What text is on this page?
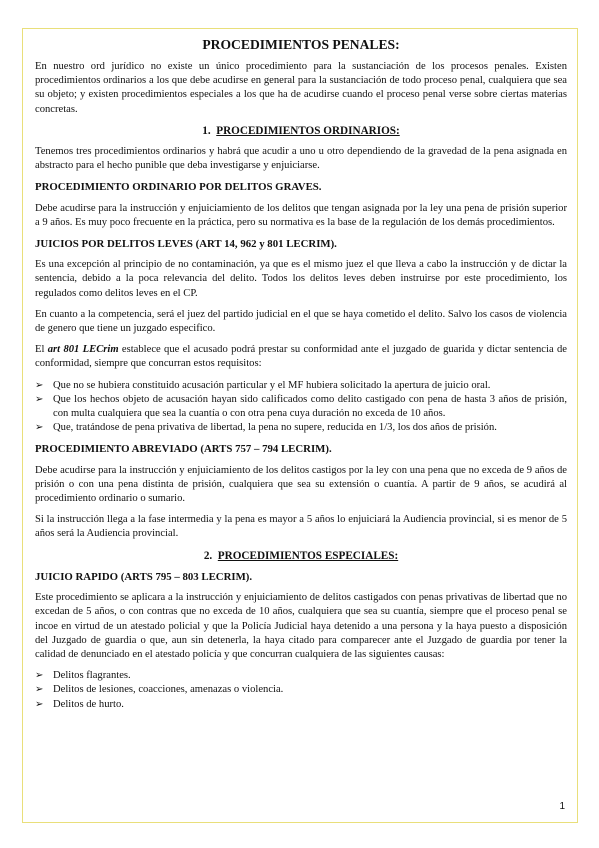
PROCEDIMIENTOS PENALES:

En nuestro ord jurídico no existe un único procedimiento para la sustanciación de los procesos penales. Existen procedimientos ordinarios a los que debe acudirse en general para la sustanciación de todo proceso penal, cualquiera que sea su objeto; y existen procedimientos especiales a los que ha de acudirse cuando el proceso penal verse sobre ciertas materias concretas.

1. PROCEDIMIENTOS ORDINARIOS:

Tenemos tres procedimientos ordinarios y habrá que acudir a uno u otro dependiendo de la gravedad de la pena asignada en abstracto para el hecho punible que deba investigarse y enjuiciarse.

PROCEDIMIENTO ORDINARIO POR DELITOS GRAVES.

Debe acudirse para la instrucción y enjuiciamiento de los delitos que tengan asignada por la ley una pena de prisión superior a 9 años. Es muy poco frecuente en la práctica, pero su normativa es la base de la regulación de los demás procedimientos.

JUICIOS POR DELITOS LEVES (ART 14, 962 y 801 LECRIM).

Es una excepción al principio de no contaminación, ya que es el mismo juez el que lleva a cabo la instrucción y de dictar la sentencia, debido a la poca relevancia del delito. Todos los delitos leves deben instruirse por este procedimiento, los regulados como delitos leves en el CP.

En cuanto a la competencia, será el juez del partido judicial en el que se haya cometido el delito. Salvo los casos de violencia de genero que tiene un juzgado especifico.

El art 801 LECrim establece que el acusado podrá prestar su conformidad ante el juzgado de guarida y dictar sentencia de conformidad, siempre que concurran estos requisitos:

➢ Que no se hubiera constituido acusación particular y el MF hubiera solicitado la apertura de juicio oral.
➢ Que los hechos objeto de acusación hayan sido calificados como delito castigado con pena de hasta 3 años de prisión, con multa cualquiera que sea la cuantía o con otra pena cuya duración no exceda de 10 años.
➢ Que, tratándose de pena privativa de libertad, la pena no supere, reducida en 1/3, los dos años de prisión.
PROCEDIMIENTO ABREVIADO (ARTS 757 – 794 LECRIM).

Debe acudirse para la instrucción y enjuiciamiento de los delitos castigos por la ley con una pena que no exceda de 9 años de prisión o con una pena distinta de prisión, cualquiera que sea su extensión o cuantía. A partir de 9 años, se acudirá al procedimiento ordinario o sumario.

Si la instrucción llega a la fase intermedia y la pena es mayor a 5 años lo enjuiciará la Audiencia provincial, si es menor de 5 años será la Audiencia provincial.

2. PROCEDIMIENTOS ESPECIALES:
JUICIO RAPIDO (ARTS 795 – 803 LECRIM).

Este procedimiento se aplicara a la instrucción y enjuiciamiento de delitos castigados con penas privativas de libertad que no excedan de 5 años, o con contras que no exceda de 10 años, cualquiera que sea su cuantía, siempre que el proceso penal se incoe en virtud de un atestado policial y que la Policía Judicial haya detenido a una persona y la haya puesto a disposición del Juzgado de guardia o que, aun sin detenerla, la haya citado para comparecer ante el Juzgado de guardia por tener la calidad de denunciado en el atestado policía y que concurran cualquiera de las siguientes causas:

➢ Delitos flagrantes.
➢ Delitos de lesiones, coacciones, amenazas o violencia.
➢ Delitos de hurto.
1
